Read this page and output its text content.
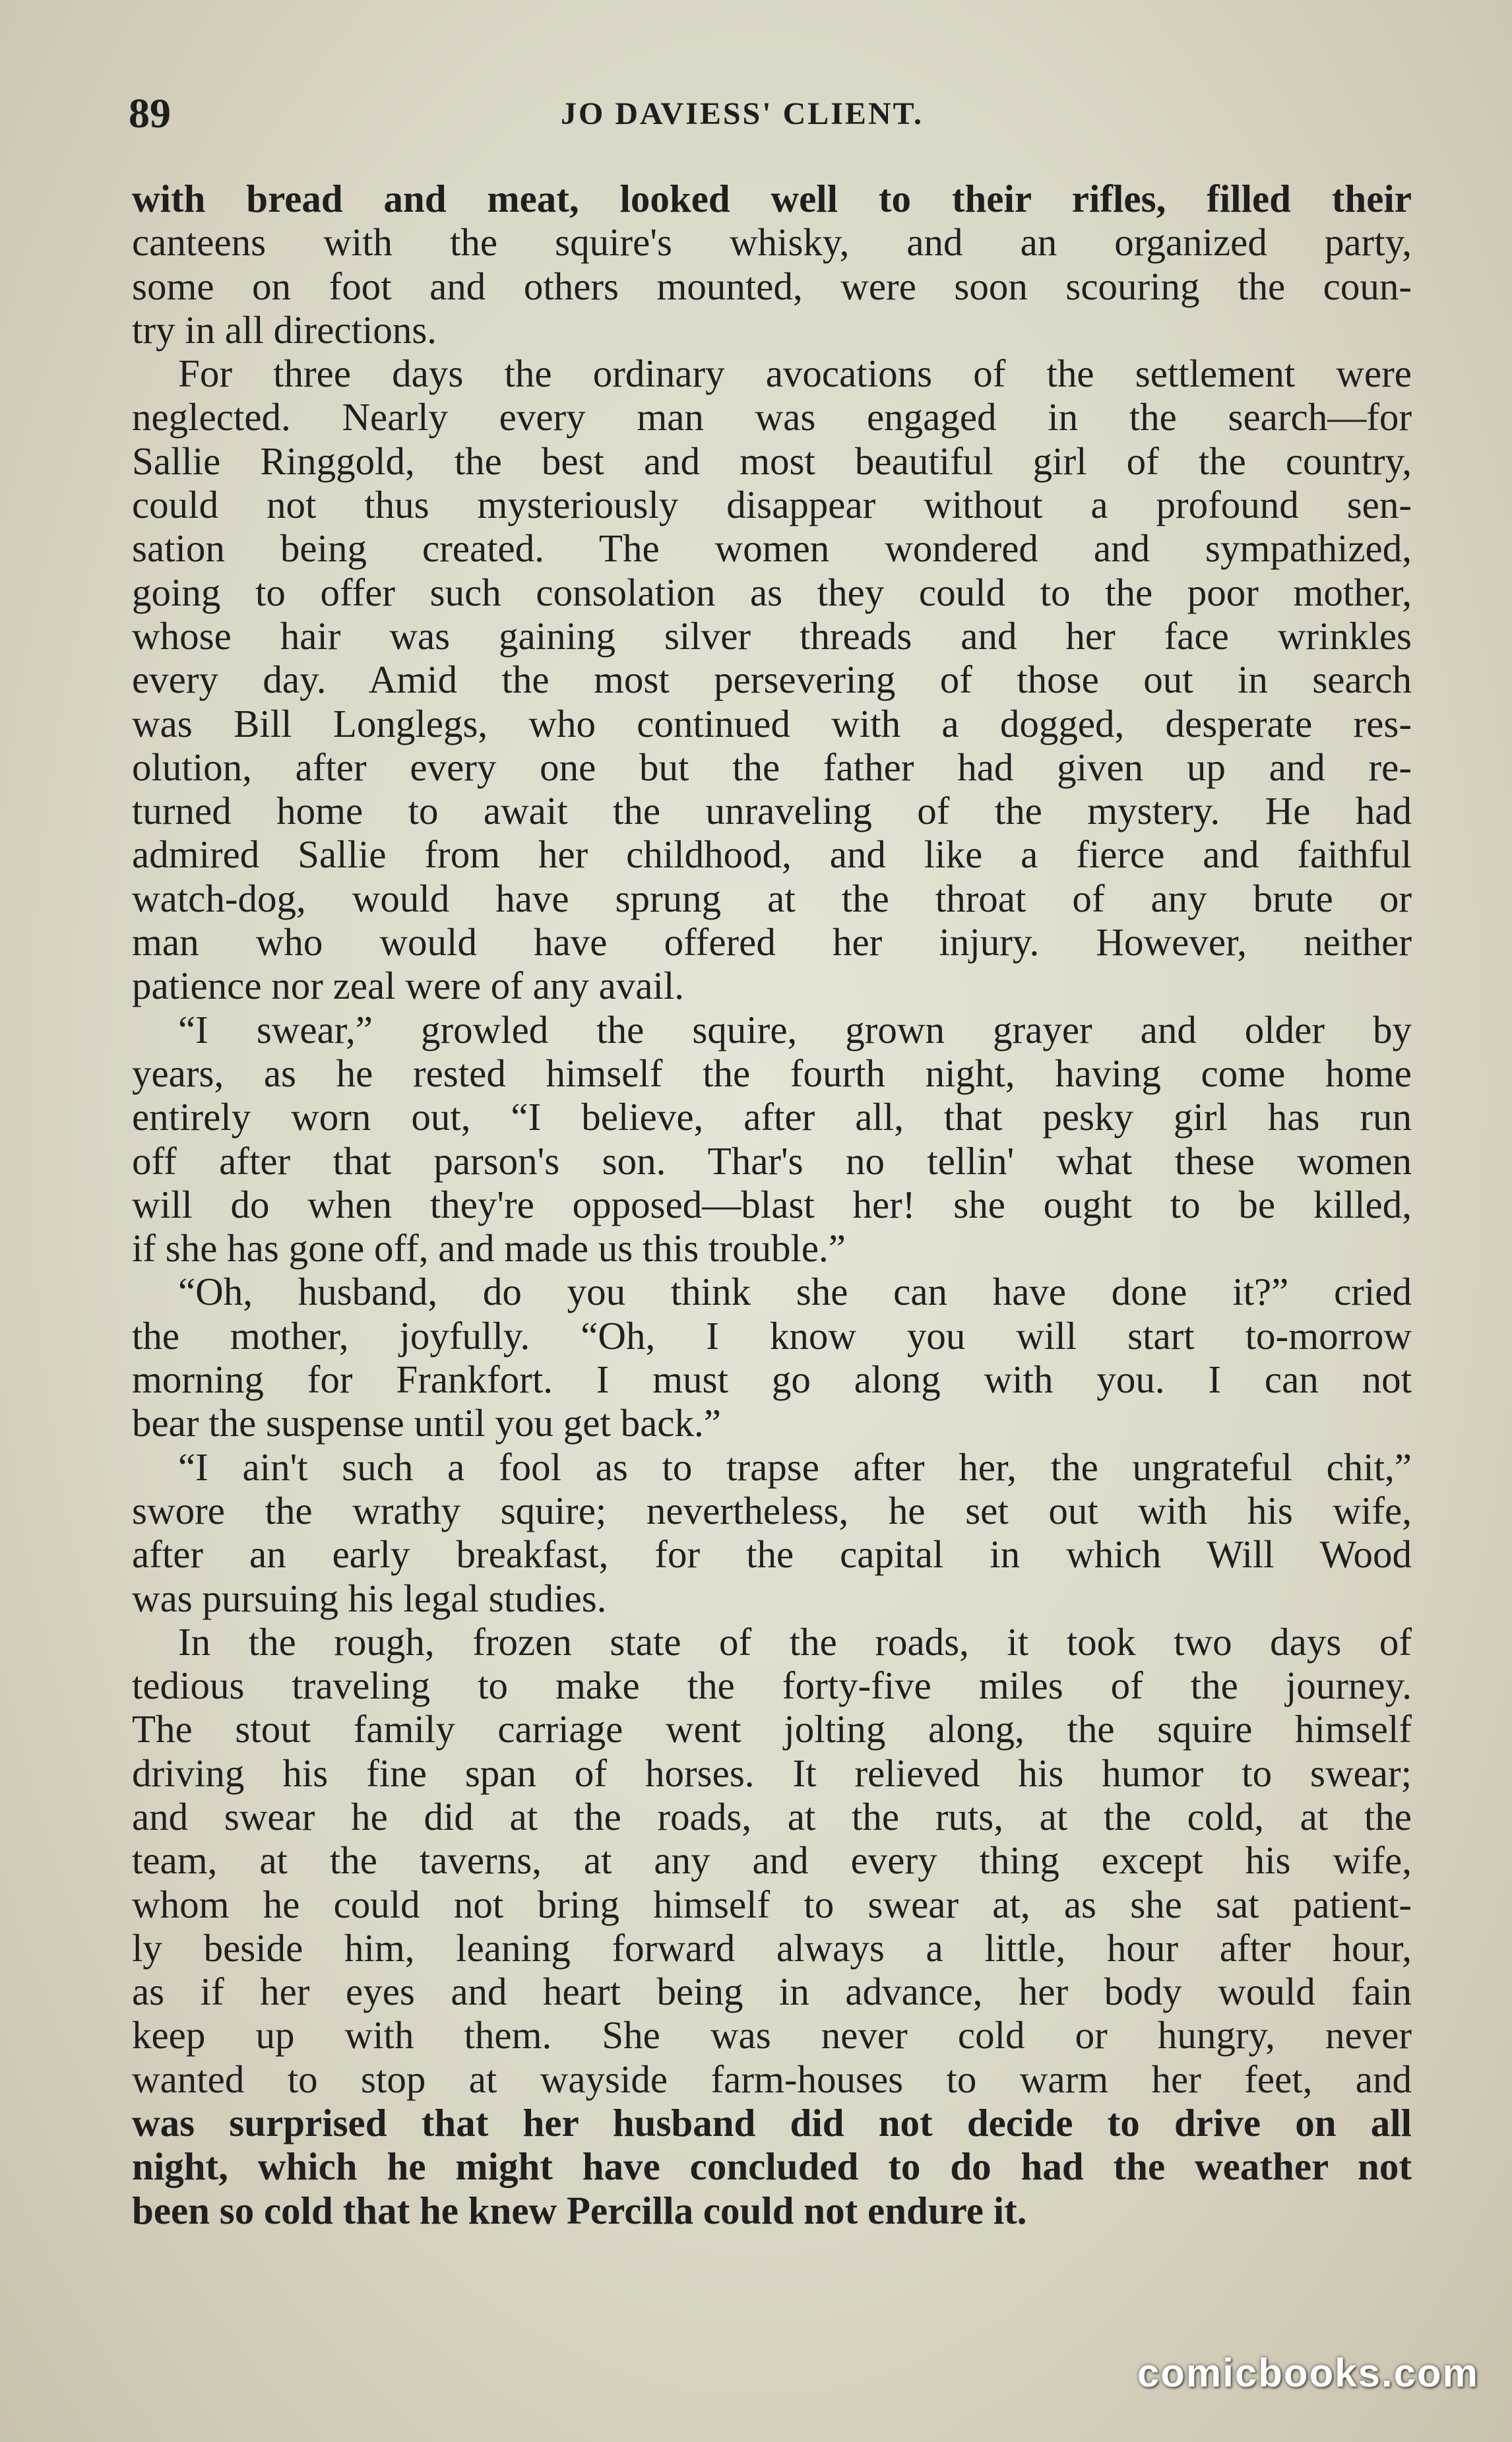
89	JO DAVIESS' CLIENT.
with bread and meat, looked well to their rifles, filled their
canteens with the squire's whisky, and an organized party,
some on foot and others mounted, were soon scouring the coun-
try in all directions.
For three days the ordinary avocations of the settlement were
neglected. Nearly every man was engaged in the search—for
Sallie Ringgold, the best and most beautiful girl of the country,
could not thus mysteriously disappear without a profound sen-
sation being created. The women wondered and sympathized,
going to offer such consolation as they could to the poor mother,
whose hair was gaining silver threads and her face wrinkles
every day. Amid the most persevering of those out in search
was Bill Longlegs, who continued with a dogged, desperate res-
olution, after every one but the father had given up and re-
turned home to await the unraveling of the mystery. He had
admired Sallie from her childhood, and like a fierce and faithful
watch-dog, would have sprung at the throat of any brute or
man who would have offered her injury. However, neither
patience nor zeal were of any avail.
“I swear,” growled the squire, grown grayer and older by
years, as he rested himself the fourth night, having come home
entirely worn out, “I believe, after all, that pesky girl has run
off after that parson's son. Thar's no tellin' what these women
will do when they're opposed—blast her! she ought to be killed,
if she has gone off, and made us this trouble.”
“Oh, husband, do you think she can have done it?” cried
the mother, joyfully. “Oh, I know you will start to-morrow
morning for Frankfort. I must go along with you. I can not
bear the suspense until you get back.”
“I ain't such a fool as to trapse after her, the ungrateful chit,”
swore the wrathy squire; nevertheless, he set out with his wife,
after an early breakfast, for the capital in which Will Wood
was pursuing his legal studies.
In the rough, frozen state of the roads, it took two days of
tedious traveling to make the forty-five miles of the journey.
The stout family carriage went jolting along, the squire himself
driving his fine span of horses. It relieved his humor to swear;
and swear he did at the roads, at the ruts, at the cold, at the
team, at the taverns, at any and every thing except his wife,
whom he could not bring himself to swear at, as she sat patient-
ly beside him, leaning forward always a little, hour after hour,
as if her eyes and heart being in advance, her body would fain
keep up with them. She was never cold or hungry, never
wanted to stop at wayside farm-houses to warm her feet, and
was surprised that her husband did not decide to drive on all
night, which he might have concluded to do had the weather not
been so cold that he knew Percilla could not endure it.
comicbooks.com
